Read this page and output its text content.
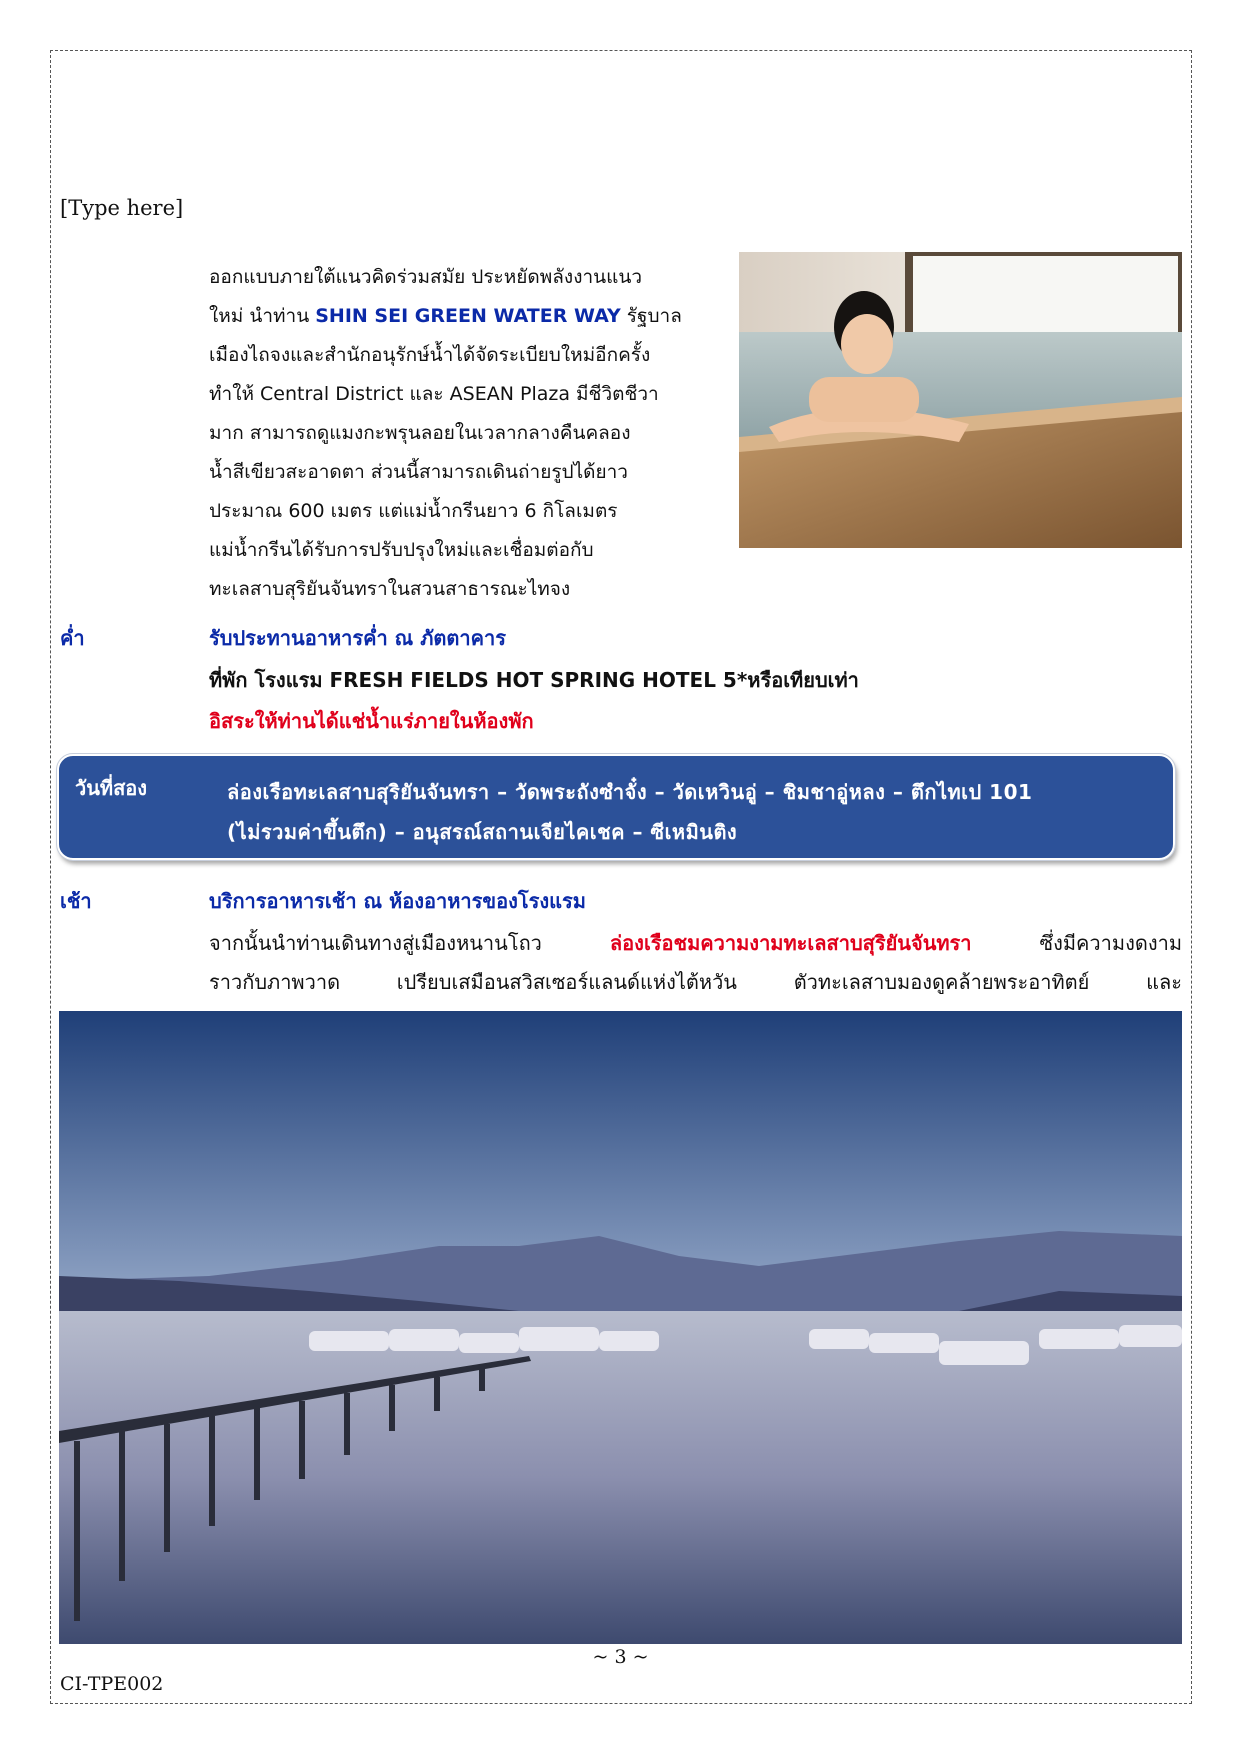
[Type here]
ออกแบบภายใต้แนวคิดร่วมสมัย ประหยัดพลังงานแนว
ใหม่ นำท่าน SHIN SEI GREEN WATER WAY รัฐบาล
เมืองไถจงและสำนักอนุรักษ์น้ำได้จัดระเบียบใหม่อีกครั้ง
ทำให้ Central District และ ASEAN Plaza มีชีวิตชีวา
มาก สามารถดูแมงกะพรุนลอยในเวลากลางคืนคลอง
น้ำสีเขียวสะอาดตา ส่วนนี้สามารถเดินถ่ายรูปได้ยาว
ประมาณ 600 เมตร แต่แม่น้ำกรีนยาว 6 กิโลเมตร
แม่น้ำกรีนได้รับการปรับปรุงใหม่และเชื่อมต่อกับ
ทะเลสาบสุริยันจันทราในสวนสาธารณะไทจง
ค่ำ	รับประทานอาหารค่ำ ณ ภัตตาคาร
ที่พัก โรงแรม FRESH FIELDS HOT SPRING HOTEL 5*หรือเทียบเท่า
อิสระให้ท่านได้แช่น้ำแร่ภายในห้องพัก
วันที่สอง	ล่องเรือทะเลสาบสุริยันจันทรา – วัดพระถังซำจั๋ง – วัดเหวินอู่ – ชิมชาอู่หลง – ตึกไทเป 101
(ไม่รวมค่าขึ้นตึก) – อนุสรณ์สถานเจียไคเชค – ซีเหมินติง
เช้า	บริการอาหารเช้า ณ ห้องอาหารของโรงแรม
จากนั้นนำท่านเดินทางสู่เมืองหนานโถว	ล่องเรือชมความงามทะเลสาบสุริยันจันทรา	ซึ่งมีความงดงาม
ราวกับภาพวาด	เปรียบเสมือนสวิสเซอร์แลนด์แห่งไต้หวัน	ตัวทะเลสาบมองดูคล้ายพระอาทิตย์	และ
~ 3 ~
CI-TPE002
